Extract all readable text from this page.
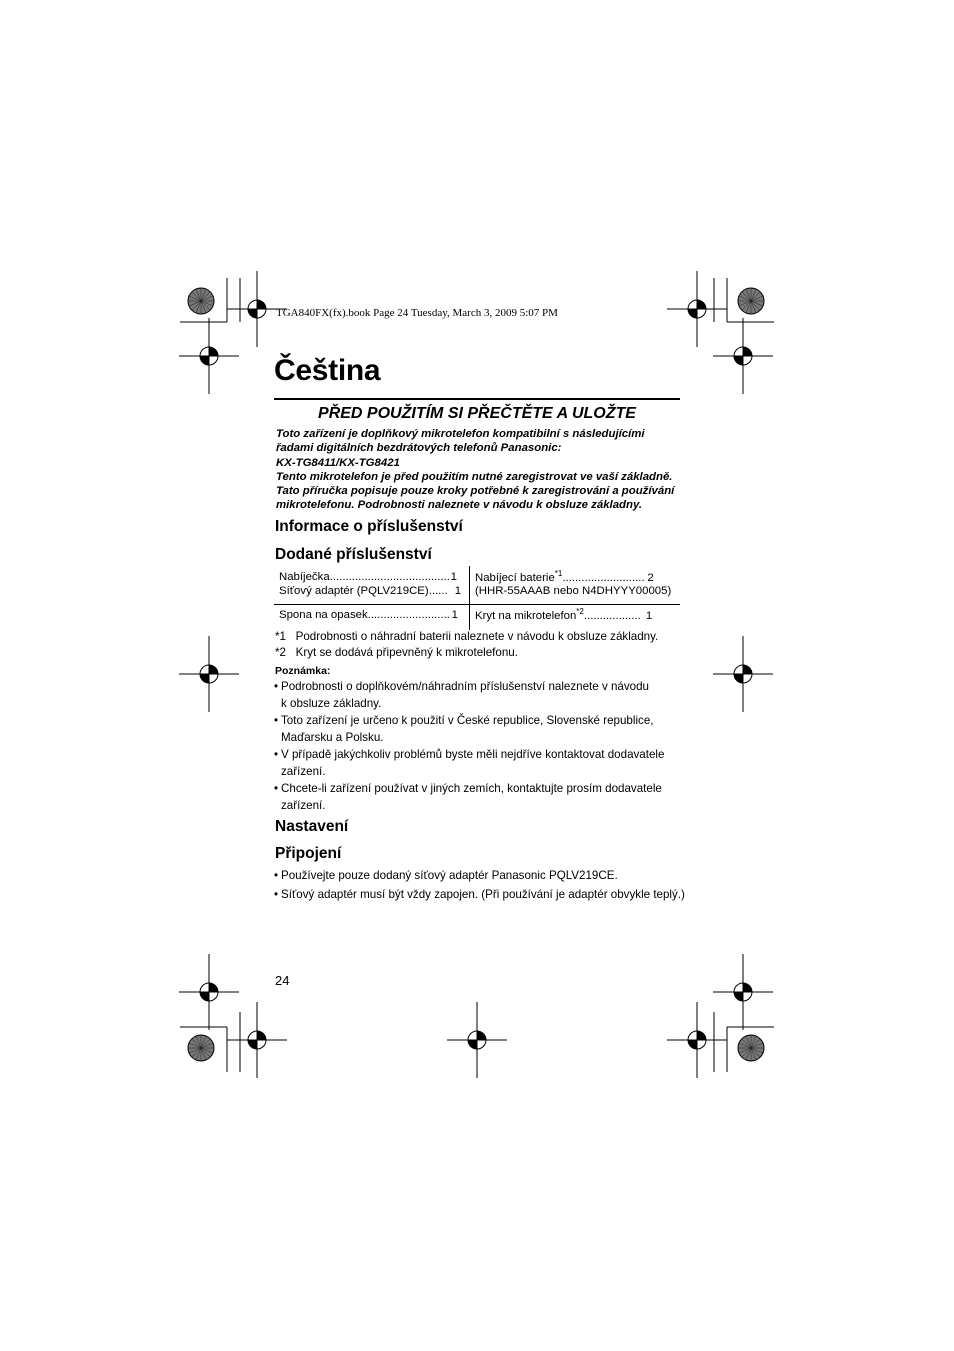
TGA840FX(fx).book Page 24 Tuesday, March 3, 2009 5:07 PM
Čeština
PŘED POUŽITÍM SI PŘEČTĚTE A ULOŽTE
Toto zařízení je doplňkový mikrotelefon kompatibilní s následujícími
řadami digitálních bezdrátových telefonů Panasonic:
KX-TG8411/KX-TG8421
Tento mikrotelefon je před použitím nutné zaregistrovat ve vaší základně.
Tato příručka popisuje pouze kroky potřebné k zaregistrování a používání
mikrotelefonu. Podrobnosti naleznete v návodu k obsluze základny.
Informace o příslušenství
Dodané příslušenství
Nabíječka......................................1
Síťový adaptér (PQLV219CE)...... 1
Nabíjecí baterie$^{*1}$.......................... 2
(HHR-55AAAB nebo N4DHYYY00005)
Spona na opasek.......................... 1	Kryt na mikrotelefon$^{*2}$.................. 1
*1   Podrobnosti o náhradní baterii naleznete v návodu k obsluze základny.
*2   Kryt se dodává připevněný k mikrotelefonu.
Poznámka:
• Podrobnosti o doplňkovém/náhradním příslušenství naleznete v návodu
k obsluze základny.
• Toto zařízení je určeno k použití v České republice, Slovenské republice,
Maďarsku a Polsku.
• V případě jakýchkoliv problémů byste měli nejdříve kontaktovat dodavatele
zařízení.
• Chcete-li zařízení používat v jiných zemích, kontaktujte prosím dodavatele
zařízení.
Nastavení
Připojení
• Používejte pouze dodaný síťový adaptér Panasonic PQLV219CE.
• Síťový adaptér musí být vždy zapojen. (Při používání je adaptér obvykle teplý.)
24
